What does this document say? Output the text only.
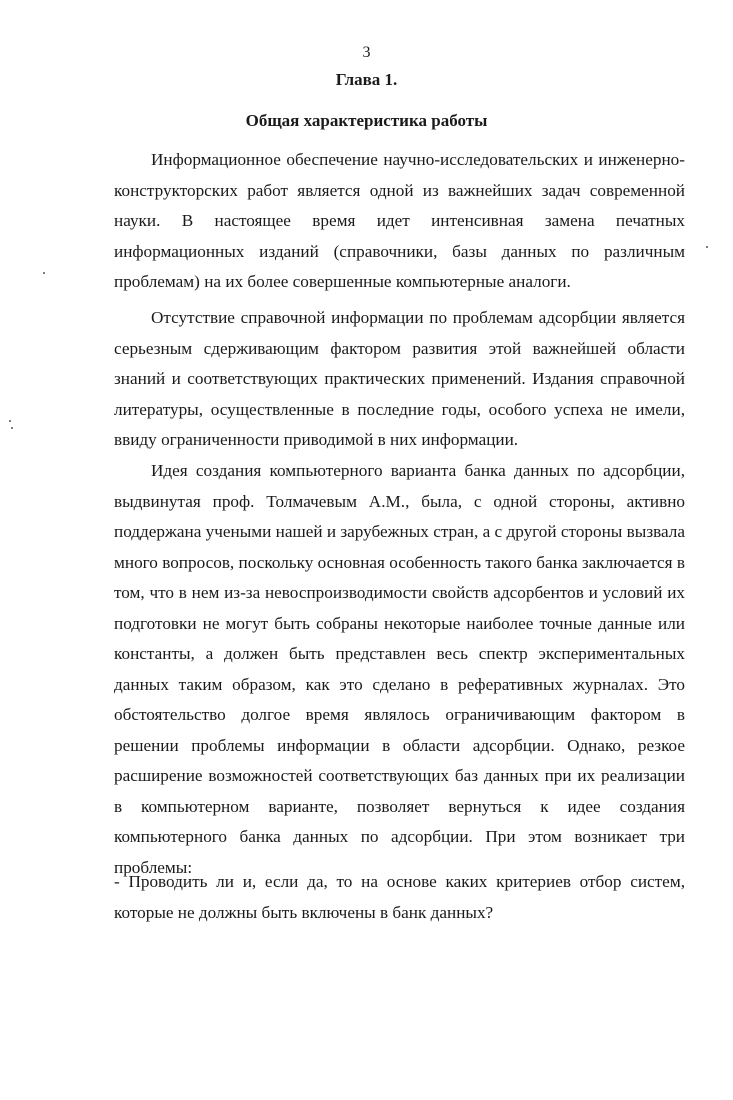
3
Глава 1.
Общая характеристика работы

Информационное обеспечение научно-исследовательских и инженерно-конструкторских работ является одной из важнейших задач современной науки. В настоящее время идет интенсивная замена печатных информационных изданий (справочники, базы данных по различным проблемам) на их более совершенные компьютерные аналоги.

Отсутствие справочной информации по проблемам адсорбции является серьезным сдерживающим фактором развития этой важнейшей области знаний и соответствующих практических применений. Издания справочной литературы, осуществленные в последние годы, особого успеха не имели, ввиду ограниченности приводимой в них информации.

Идея создания компьютерного варианта банка данных по адсорбции, выдвинутая проф. Толмачевым А.М., была, с одной стороны, активно поддержана учеными нашей и зарубежных стран, а с другой стороны вызвала много вопросов, поскольку основная особенность такого банка заключается в том, что в нем из-за невоспроизводимости свойств адсорбентов и условий их подготовки не могут быть собраны некоторые наиболее точные данные или константы, а должен быть представлен весь спектр экспериментальных данных таким образом, как это сделано в реферативных журналах. Это обстоятельство долгое время являлось ограничивающим фактором в решении проблемы информации в области адсорбции. Однако, резкое расширение возможностей соответствующих баз данных при их реализации в компьютерном варианте, позволяет вернуться к идее создания компьютерного банка данных по адсорбции. При этом возникает три проблемы:

- Проводить ли и, если да, то на основе каких критериев отбор систем, которые не должны быть включены в банк данных?
